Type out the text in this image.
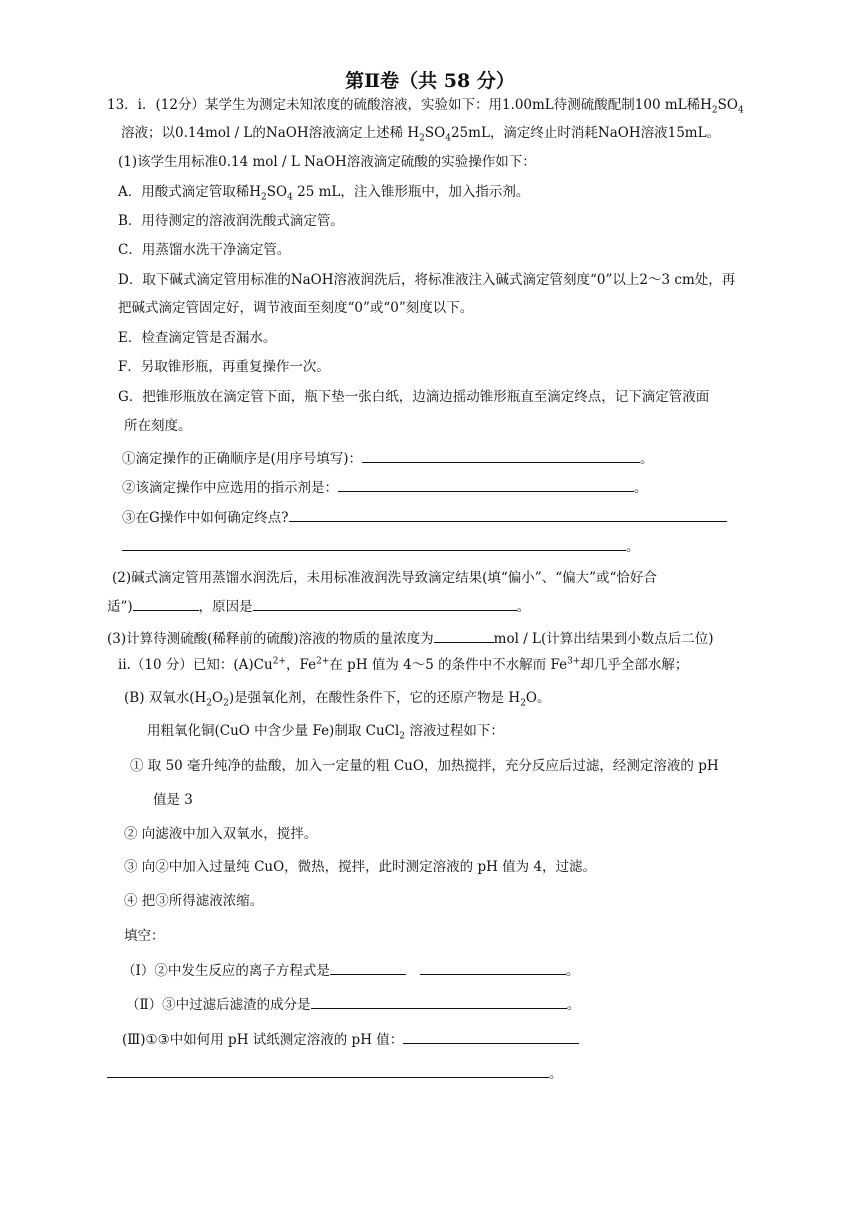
第Ⅱ卷（共 58 分）
13．ⅰ．(12分）某学生为测定未知浓度的硫酸溶液，实验如下：用1.00mL待测硫酸配制100 mL稀$H_2SO_4$
溶液；以0.14mol / L的NaOH溶液滴定上述稀 $H_2SO_425mL$，滴定终止时消耗NaOH溶液15mL。
(1)该学生用标准0.14 mol / L NaOH溶液滴定硫酸的实验操作如下：
A．用酸式滴定管取稀$H_2SO_4$ 25 mL，注入锥形瓶中，加入指示剂。
B．用待测定的溶液润洗酸式滴定管。
C．用蒸馏水洗干净滴定管。
D．取下碱式滴定管用标准的NaOH溶液润洗后，将标准液注入碱式滴定管刻度“0”以上2～3 cm处，再
把碱式滴定管固定好，调节液面至刻度“0”或“0”刻度以下。
E．检查滴定管是否漏水。
F．另取锥形瓶，再重复操作一次。
G．把锥形瓶放在滴定管下面，瓶下垫一张白纸，边滴边摇动锥形瓶直至滴定终点，记下滴定管液面
所在刻度。
①滴定操作的正确顺序是(用序号填写)：	。
②该滴定操作中应选用的指示剂是：	。
③在G操作中如何确定终点?
。
(2)碱式滴定管用蒸馏水润洗后，未用标准液润洗导致滴定结果(填“偏小”、“偏大”或“恰好合
适”)	，原因是	。
(3)计算待测硫酸(稀释前的硫酸)溶液的物质的量浓度为	mol / L(计算出结果到小数点后二位)
ⅱ.（10 分）已知：$(A)Cu^{2+}$，$Fe^{2+}$在 pH 值为 4～5 的条件中不水解而 $Fe^{3+}$却几乎全部水解；
(B) 双氧水$(H_2O_2)$是强氧化剂，在酸性条件下，它的还原产物是 $H_2O$。
用粗氧化铜(CuO 中含少量 Fe)制取 CuCl$_2$ 溶液过程如下：
① 取 50 毫升纯净的盐酸，加入一定量的粗 CuO，加热搅拌，充分反应后过滤，经测定溶液的 pH
值是 3
② 向滤液中加入双氧水，搅拌。
③ 向②中加入过量纯 CuO，微热，搅拌，此时测定溶液的 pH 值为 4，过滤。
④ 把③所得滤液浓缩。
填空：
（Ⅰ）②中发生反应的离子方程式是	。
（Ⅱ）③中过滤后滤渣的成分是	。
(Ⅲ)①③中如何用 pH 试纸测定溶液的 pH 值：
。
